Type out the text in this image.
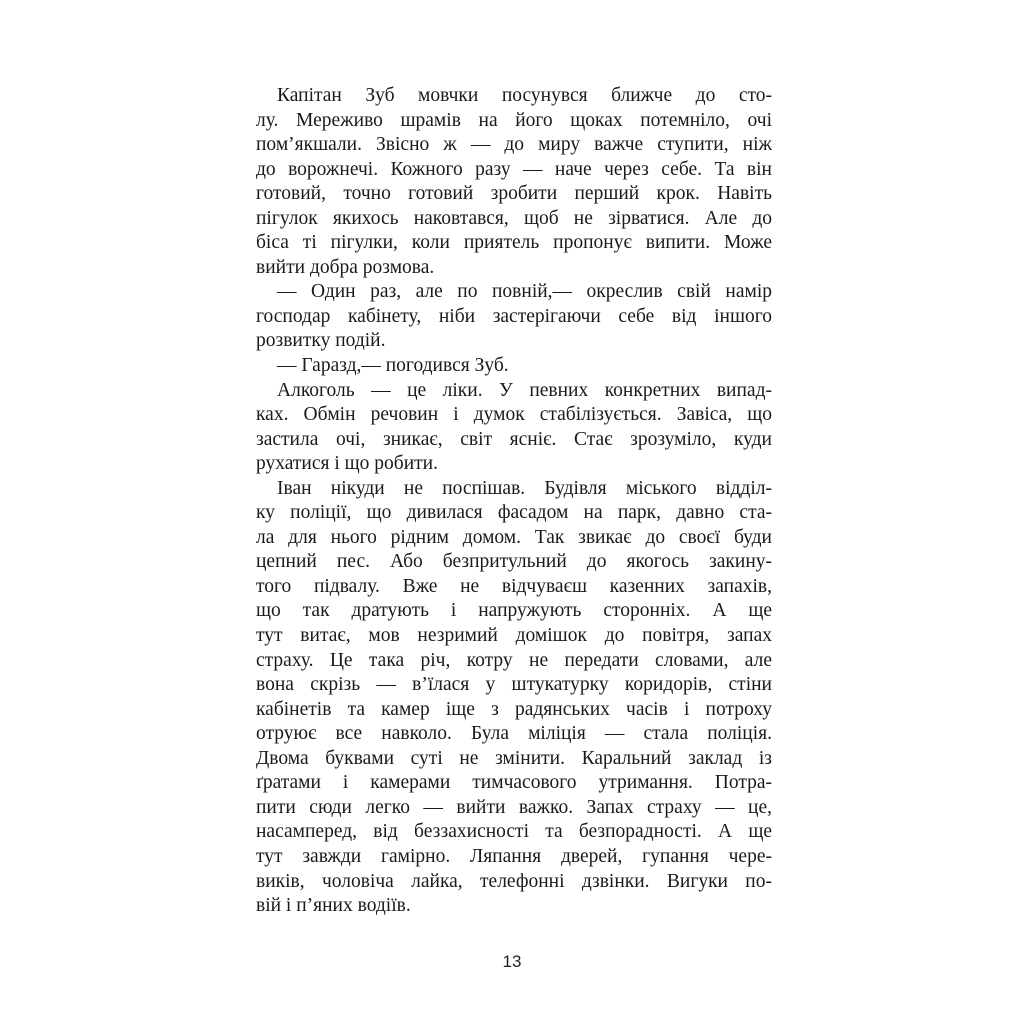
Капітан Зуб мовчки посунувся ближче до сто-
лу. Мереживо шрамів на його щоках потемніло, очі
пом’якшали. Звісно ж — до миру важче ступити, ніж
до ворожнечі. Кожного разу — наче через себе. Та він
готовий, точно готовий зробити перший крок. Навіть
пігулок якихось наковтався, щоб не зірватися. Але до
біса ті пігулки, коли приятель пропонує випити. Може
вийти добра розмова.
— Один раз, але по повній,— окреслив свій намір
господар кабінету, ніби застерігаючи себе від іншого
розвитку подій.
— Гаразд,— погодився Зуб.
Алкоголь — це ліки. У певних конкретних випад-
ках. Обмін речовин і думок стабілізується. Завіса, що
застила очі, зникає, світ ясніє. Стає зрозуміло, куди
рухатися і що робити.
Іван нікуди не поспішав. Будівля міського відділ-
ку поліції, що дивилася фасадом на парк, давно ста-
ла для нього рідним домом. Так звикає до своєї буди
цепний пес. Або безпритульний до якогось закину-
того підвалу. Вже не відчуваєш казенних запахів,
що так дратують і напружують сторонніх. А ще
тут витає, мов незримий домішок до повітря, запах
страху. Це така річ, котру не передати словами, але
вона скрізь — в’їлася у штукатурку коридорів, стіни
кабінетів та камер іще з радянських часів і потроху
отруює все навколо. Була міліція — стала поліція.
Двома буквами суті не змінити. Каральний заклад із
ґратами і камерами тимчасового утримання. Потра-
пити сюди легко — вийти важко. Запах страху — це,
насамперед, від беззахисності та безпорадності. А ще
тут завжди гамірно. Ляпання дверей, гупання чере-
виків, чоловіча лайка, телефонні дзвінки. Вигуки по-
вій і п’яних водіїв.
13
